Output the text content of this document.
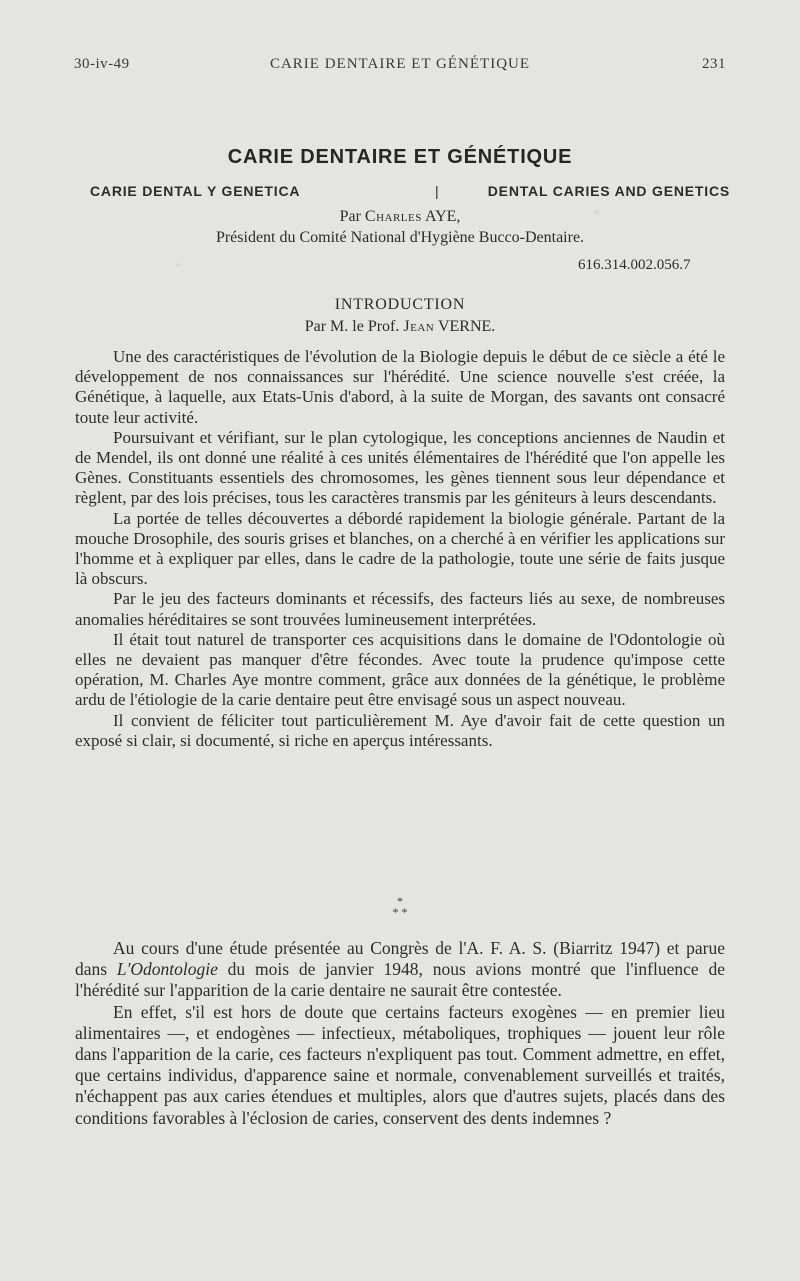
30-iv-49	CARIE DENTAIRE ET GÉNÉTIQUE	231
CARIE DENTAIRE ET GÉNÉTIQUE
CARIE DENTAL Y GENETICA	|	DENTAL CARIES AND GENETICS
Par Charles AYE,
Président du Comité National d'Hygiène Bucco-Dentaire.
616.314.002.056.7
INTRODUCTION
Par M. le Prof. Jean VERNE.

Une des caractéristiques de l'évolution de la Biologie depuis le début de ce siècle a été le développement de nos connaissances sur l'hérédité. Une science nouvelle s'est créée, la Génétique, à laquelle, aux Etats-Unis d'abord, à la suite de Morgan, des savants ont consacré toute leur activité.

Poursuivant et vérifiant, sur le plan cytologique, les conceptions anciennes de Naudin et de Mendel, ils ont donné une réalité à ces unités élémentaires de l'hérédité que l'on appelle les Gènes. Constituants essentiels des chromosomes, les gènes tiennent sous leur dépendance et règlent, par des lois précises, tous les caractères transmis par les géniteurs à leurs descendants.

La portée de telles découvertes a débordé rapidement la biologie générale. Partant de la mouche Drosophile, des souris grises et blanches, on a cherché à en vérifier les applications sur l'homme et à expliquer par elles, dans le cadre de la pathologie, toute une série de faits jusque là obscurs.

Par le jeu des facteurs dominants et récessifs, des facteurs liés au sexe, de nombreuses anomalies héréditaires se sont trouvées lumineusement interprétées.

Il était tout naturel de transporter ces acquisitions dans le domaine de l'Odontologie où elles ne devaient pas manquer d'être fécondes. Avec toute la prudence qu'impose cette opération, M. Charles Aye montre comment, grâce aux données de la génétique, le problème ardu de l'étiologie de la carie dentaire peut être envisagé sous un aspect nouveau.

Il convient de féliciter tout particulièrement M. Aye d'avoir fait de cette question un exposé si clair, si documenté, si riche en aperçus intéressants.

*
* *

Au cours d'une étude présentée au Congrès de l'A. F. A. S. (Biarritz 1947) et parue dans L'Odontologie du mois de janvier 1948, nous avions montré que l'influence de l'hérédité sur l'apparition de la carie dentaire ne saurait être contestée.

En effet, s'il est hors de doute que certains facteurs exogènes — en premier lieu alimentaires —, et endogènes — infectieux, métaboliques, trophiques — jouent leur rôle dans l'apparition de la carie, ces facteurs n'expliquent pas tout. Comment admettre, en effet, que certains individus, d'apparence saine et normale, convenablement surveillés et traités, n'échappent pas aux caries étendues et multiples, alors que d'autres sujets, placés dans des conditions favorables à l'éclosion de caries, conservent des dents indemnes ?
